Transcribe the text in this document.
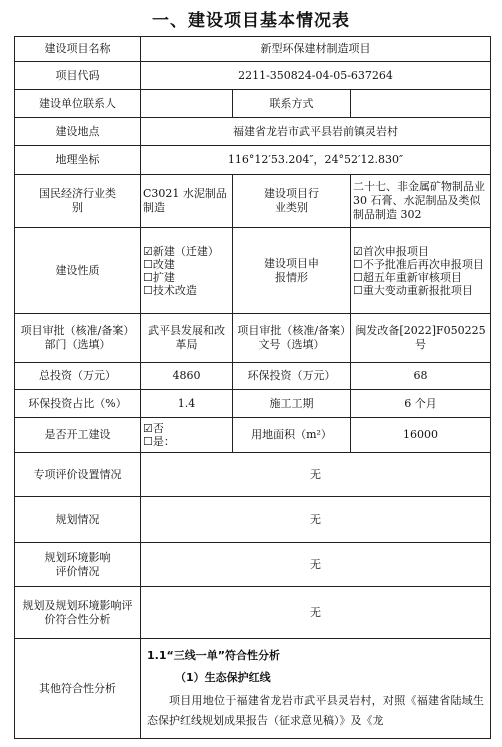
一、建设项目基本情况表
建设项目名称	新型环保建材制造项目		
项目代码	2211-350824-04-05-637264		
建设单位联系人		联系方式	
建设地点	福建省龙岩市武平县岩前镇灵岩村		
地理坐标	116°12′53.204″，24°52′12.830″		
国民经济行业类别	C3021 水泥制品制造	建设项目行业类别	二十七、非金属矿物制品业 30 石膏、水泥制品及类似制品制造 302
建设性质	☑新建（迁建）
☐改建
☐扩建
☐技术改造	建设项目申报情形	☑首次申报项目
☐不予批准后再次申报项目
☐超五年重新审核项目
☐重大变动重新报批项目

项目审批（核准/备案）部门（选填）	武平县发展和改革局	项目审批（核准/备案）文号（选填）	闽发改备[2022]F050225号
总投资（万元）	4860	环保投资（万元）	68
环保投资占比（%）	1.4	施工工期	6 个月
是否开工建设	☑否
☐是：	用地面积（m²）	16000
专项评价设置情况	无		
规划情况	无		
规划环境影响评价情况	无		
规划及规划环境影响评价符合性分析	无		
其他符合性分析	1.1“三线一单”符合性分析
（1）生态保护红线

项目用地位于福建省龙岩市武平县灵岩村，对照《福建省陆域生态保护红线规划成果报告（征求意见稿）》及《龙		
